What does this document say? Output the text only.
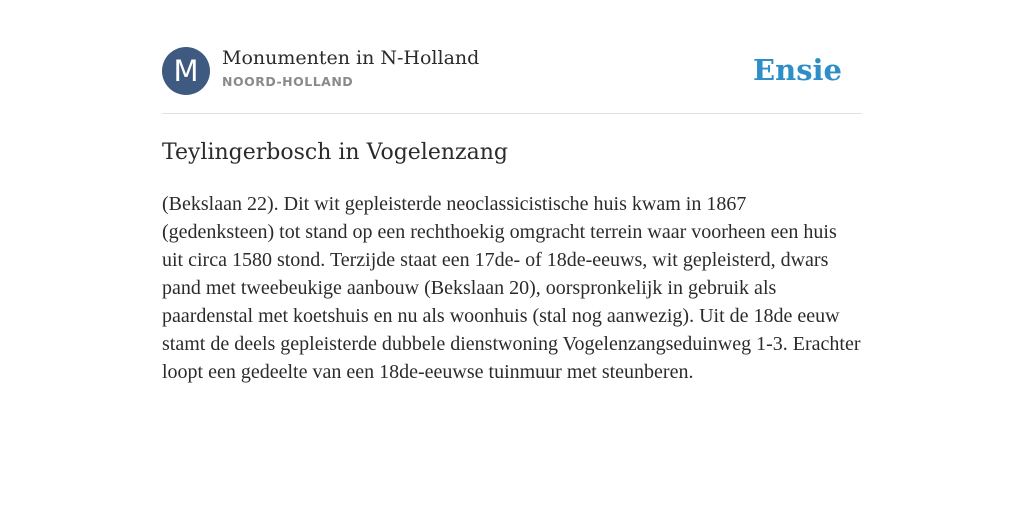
M	Monumenten in N-Holland
NOORD-HOLLAND	Ensie
Teylingerbosch in Vogelenzang

(Bekslaan 22). Dit wit gepleisterde neoclassicistische huis kwam in 1867 (gedenksteen) tot stand op een rechthoekig omgracht terrein waar voorheen een huis uit circa 1580 stond. Terzijde staat een 17de- of 18de-eeuws, wit gepleisterd, dwars pand met tweebeukige aanbouw (Bekslaan 20), oorspronkelijk in gebruik als paardenstal met koetshuis en nu als woonhuis (stal nog aanwezig). Uit de 18de eeuw stamt de deels gepleisterde dubbele dienstwoning Vogelenzangseduinweg 1-3. Erachter loopt een gedeelte van een 18de-eeuwse tuinmuur met steunberen.
